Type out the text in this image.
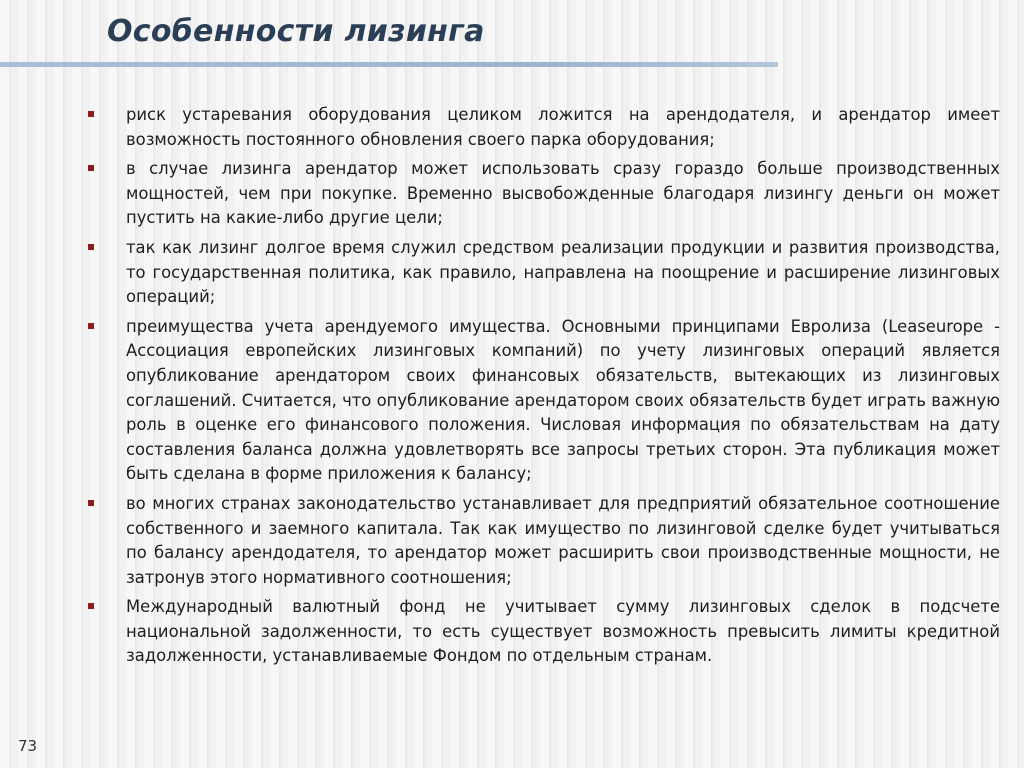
Особенности лизинга
риск устаревания оборудования целиком ложится на арендодателя, и арендатор имеет возможность постоянного обновления своего парка оборудования;
в случае лизинга арендатор может использовать сразу гораздо больше производственных мощностей, чем при покупке. Временно высвобожденные благодаря лизингу деньги он может пустить на какие-либо другие цели;
так как лизинг долгое время служил средством реализации продукции и развития производства, то государственная политика, как правило, направлена на поощрение и расширение лизинговых операций;
преимущества учета арендуемого имущества. Основными принципами Евролиза (Leaseurope - Ассоциация европейских лизинговых компаний) по учету лизинговых операций является опубликование арендатором своих финансовых обязательств, вытекающих из лизинговых соглашений. Считается, что опубликование арендатором своих обязательств будет играть важную роль в оценке его финансового положения. Числовая информация по обязательствам на дату составления баланса должна удовлетворять все запросы третьих сторон. Эта публикация может быть сделана в форме приложения к балансу;
во многих странах законодательство устанавливает для предприятий обязательное соотношение собственного и заемного капитала. Так как имущество по лизинговой сделке будет учитываться по балансу арендодателя, то арендатор может расширить свои производственные мощности, не затронув этого нормативного соотношения;
Международный валютный фонд не учитывает сумму лизинговых сделок в подсчете национальной задолженности, то есть существует возможность превысить лимиты кредитной задолженности, устанавливаемые Фондом по отдельным странам.
73
